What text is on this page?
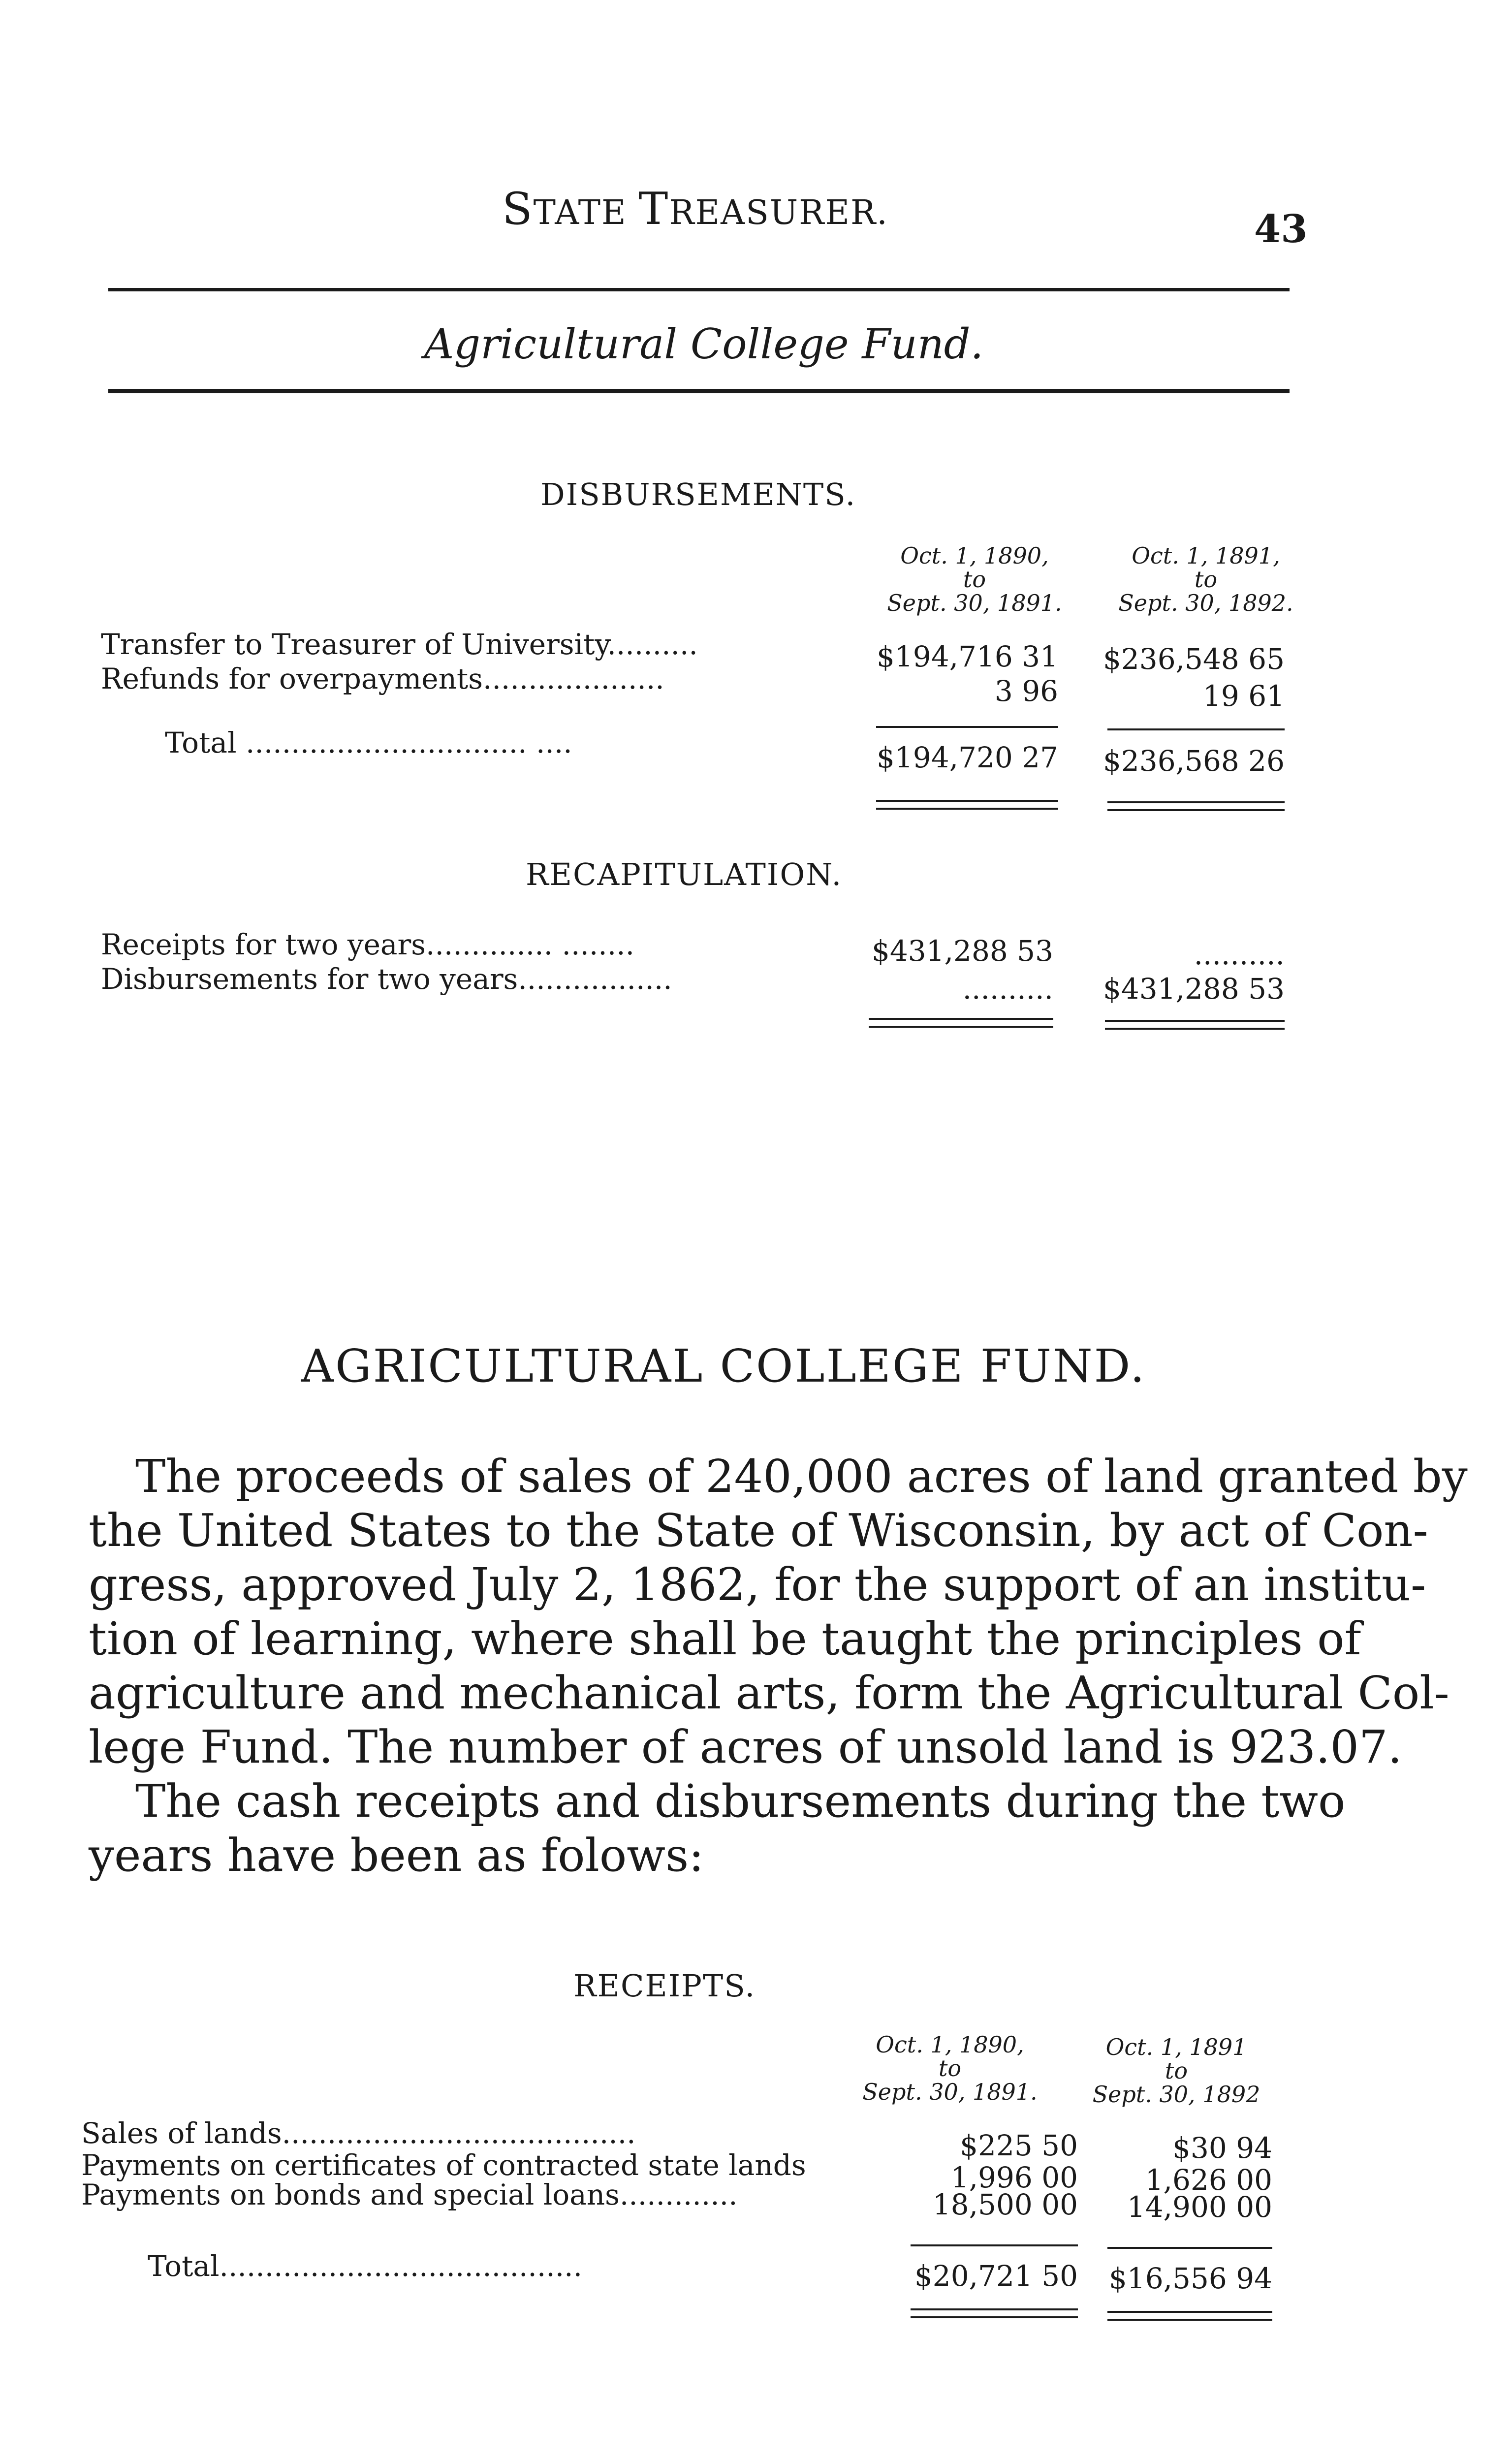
STATE TREASURER.	43
Agricultural College Fund.
DISBURSEMENTS.
Oct. 1, 1890,
to
Sept. 30, 1891.
Oct. 1, 1891,
to
Sept. 30, 1892.
Transfer to Treasurer of University..........	$194,716 31	$236,548 65
Refunds for overpayments....................	3 96	19 61
Total ............................... ....	$194,720 27	$236,568 26
RECAPITULATION.
Receipts for two years.............. ........	$431,288 53	..........
Disbursements for two years.................	..........	$431,288 53
AGRICULTURAL COLLEGE FUND.
The proceeds of sales of 240,000 acres of land granted by
the United States to the State of Wisconsin, by act of Con-
gress, approved July 2, 1862, for the support of an institu-
tion of learning, where shall be taught the principles of
agriculture and mechanical arts, form the Agricultural Col-
lege Fund. The number of acres of unsold land is 923.07.
The cash receipts and disbursements during the two
years have been as folows:
RECEIPTS.
Oct. 1, 1890,
to
Sept. 30, 1891.
Oct. 1, 1891
to
Sept. 30, 1892
Sales of lands.......................................	$225 50	$30 94
Payments on certificates of contracted state lands	1,996 00	1,626 00
Payments on bonds and special loans.............	18,500 00	14,900 00
Total........................................	$20,721 50	$16,556 94
